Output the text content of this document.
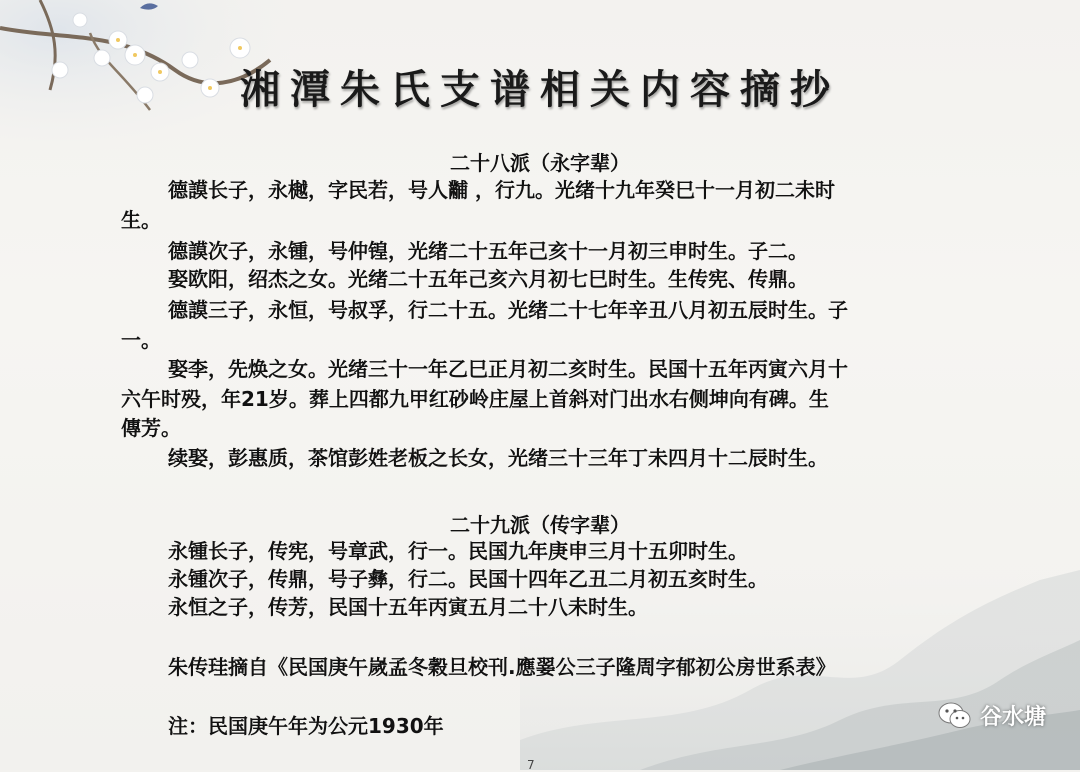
湘潭朱氏支谱相关内容摘抄
二十八派（永字辈）
德謨长子，永樾，字民若，号人黼 ，行九。光绪十九年癸巳十一月初二未时
生。
德謨次子，永锺，号仲锽，光绪二十五年己亥十一月初三申时生。子二。
娶欧阳，绍杰之女。光绪二十五年己亥六月初七巳时生。生传宪、传鼎。
德謨三子，永恒，号叔孚，行二十五。光绪二十七年辛丑八月初五辰时生。子
一。
娶李，先焕之女。光绪三十一年乙巳正月初二亥时生。民国十五年丙寅六月十
六午时殁，年21岁。葬上四都九甲红砂岭庄屋上首斜对门出水右侧坤向有碑。生
傳芳。
续娶，彭惠质，茶馆彭姓老板之长女，光绪三十三年丁未四月十二辰时生。
二十九派（传字辈）
永锺长子，传宪，号章武，行一。民国九年庚申三月十五卯时生。
永锺次子，传鼎，号子彝，行二。民国十四年乙丑二月初五亥时生。
永恒之子，传芳，民国十五年丙寅五月二十八未时生。
朱传珪摘自《民国庚午嵗孟冬穀旦校刊.應翣公三子隆周字郁初公房世系表》
注：民国庚午年为公元1930年
7
谷水塘
